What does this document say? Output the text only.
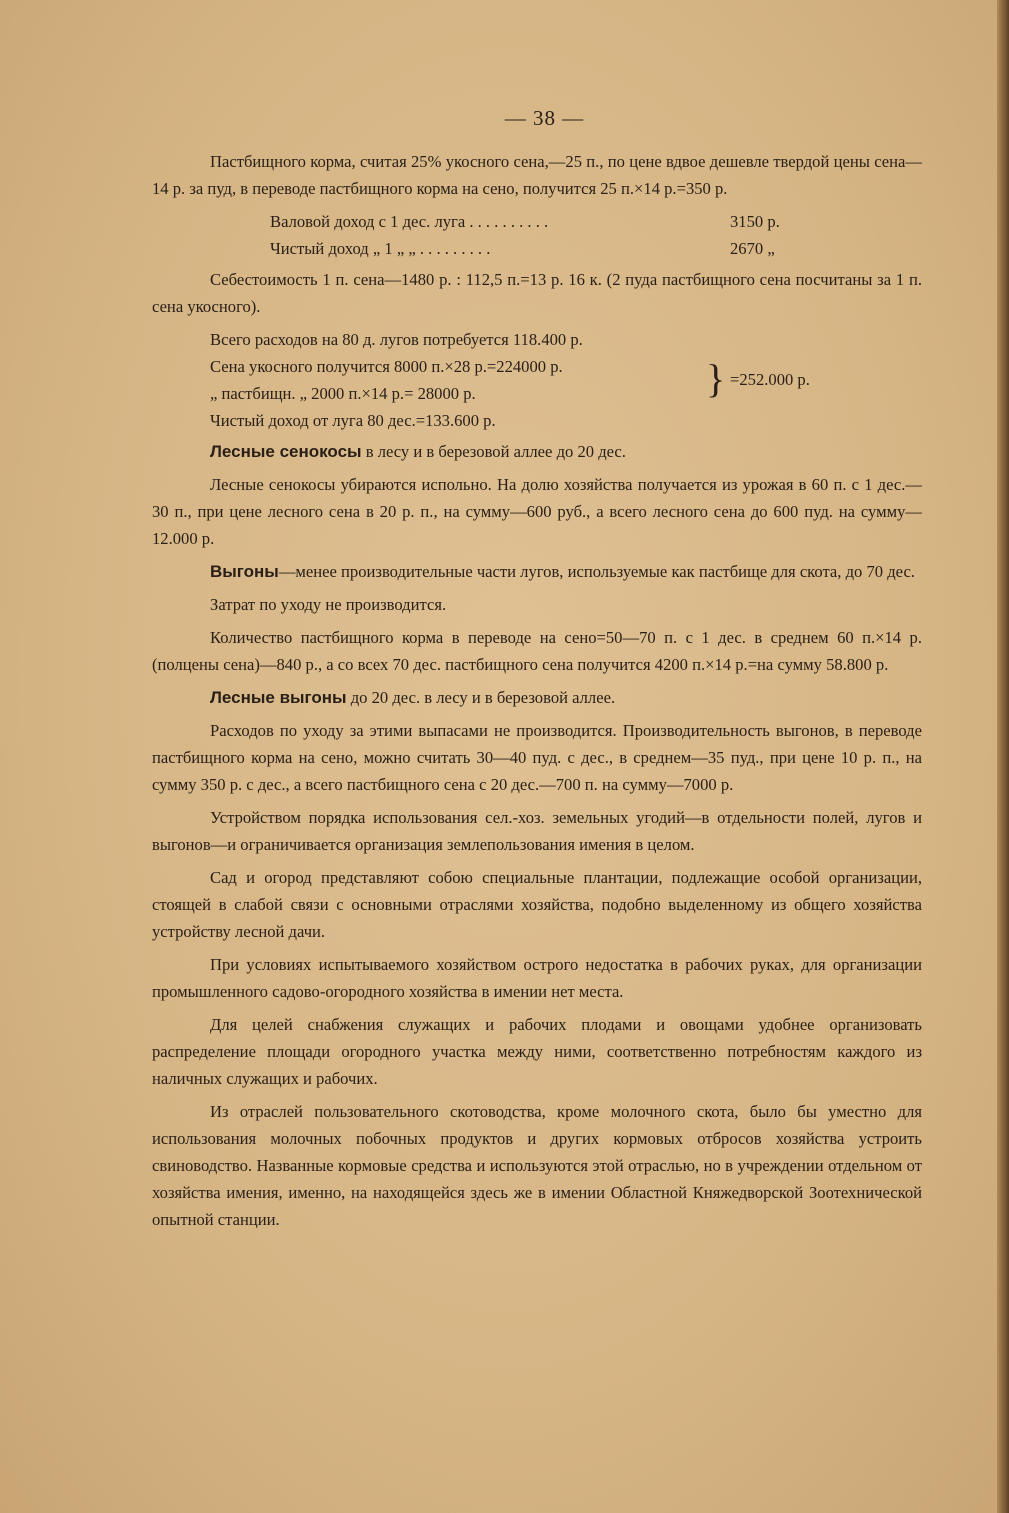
— 38 —

Пастбищного корма, считая 25% укосного сена,—25 п., по цене вдвое дешевле твердой цены сена—14 р. за пуд, в переводе пастбищного корма на сено, получится 25 п.×14 р.=350 р.

Валовой доход с 1 дес. луга . . . . . . . . . .	3150 р.
Чистый доход „ 1 „ „ . . . . . . . . .	2670 „

Себестоимость 1 п. сена—1480 р. : 112,5 п.=13 р. 16 к. (2 пуда пастбищного сена посчитаны за 1 п. сена укосного).

Всего расходов на 80 д. лугов потребуется 118.400 р.
Сена укосного получится 8000 п.×28 р.=224000 р.
„ пастбищн. „ 2000 п.×14 р.= 28000 р.	} =252.000 р.
Чистый доход от луга 80 дес.=133.600 р.

Лесные сенокосы в лесу и в березовой аллее до 20 дес.

Лесные сенокосы убираются испольно. На долю хозяйства получается из урожая в 60 п. с 1 дес.—30 п., при цене лесного сена в 20 р. п., на сумму—600 руб., а всего лесного сена до 600 пуд. на сумму—12.000 р.

Выгоны—менее производительные части лугов, используемые как пастбище для скота, до 70 дес.

Затрат по уходу не производится.

Количество пастбищного корма в переводе на сено=50—70 п. с 1 дес. в среднем 60 п.×14 р. (полцены сена)—840 р., а со всех 70 дес. пастбищного сена получится 4200 п.×14 р.=на сумму 58.800 р.

Лесные выгоны до 20 дес. в лесу и в березовой аллее.

Расходов по уходу за этими выпасами не производится. Производительность выгонов, в переводе пастбищного корма на сено, можно считать 30—40 пуд. с дес., в среднем—35 пуд., при цене 10 р. п., на сумму 350 р. с дес., а всего пастбищного сена с 20 дес.—700 п. на сумму—7000 р.

Устройством порядка использования сел.-хоз. земельных угодий—в отдельности полей, лугов и выгонов—и ограничивается организация землепользования имения в целом.

Сад и огород представляют собою специальные плантации, подлежащие особой организации, стоящей в слабой связи с основными отраслями хозяйства, подобно выделенному из общего хозяйства устройству лесной дачи.

При условиях испытываемого хозяйством острого недостатка в рабочих руках, для организации промышленного садово-огородного хозяйства в имении нет места.

Для целей снабжения служащих и рабочих плодами и овощами удобнее организовать распределение площади огородного участка между ними, соответственно потребностям каждого из наличных служащих и рабочих.

Из отраслей пользовательного скотоводства, кроме молочного скота, было бы уместно для использования молочных побочных продуктов и других кормовых отбросов хозяйства устроить свиноводство. Названные кормовые средства и используются этой отраслью, но в учреждении отдельном от хозяйства имения, именно, на находящейся здесь же в имении Областной Княжедворской Зоотехнической опытной станции.
